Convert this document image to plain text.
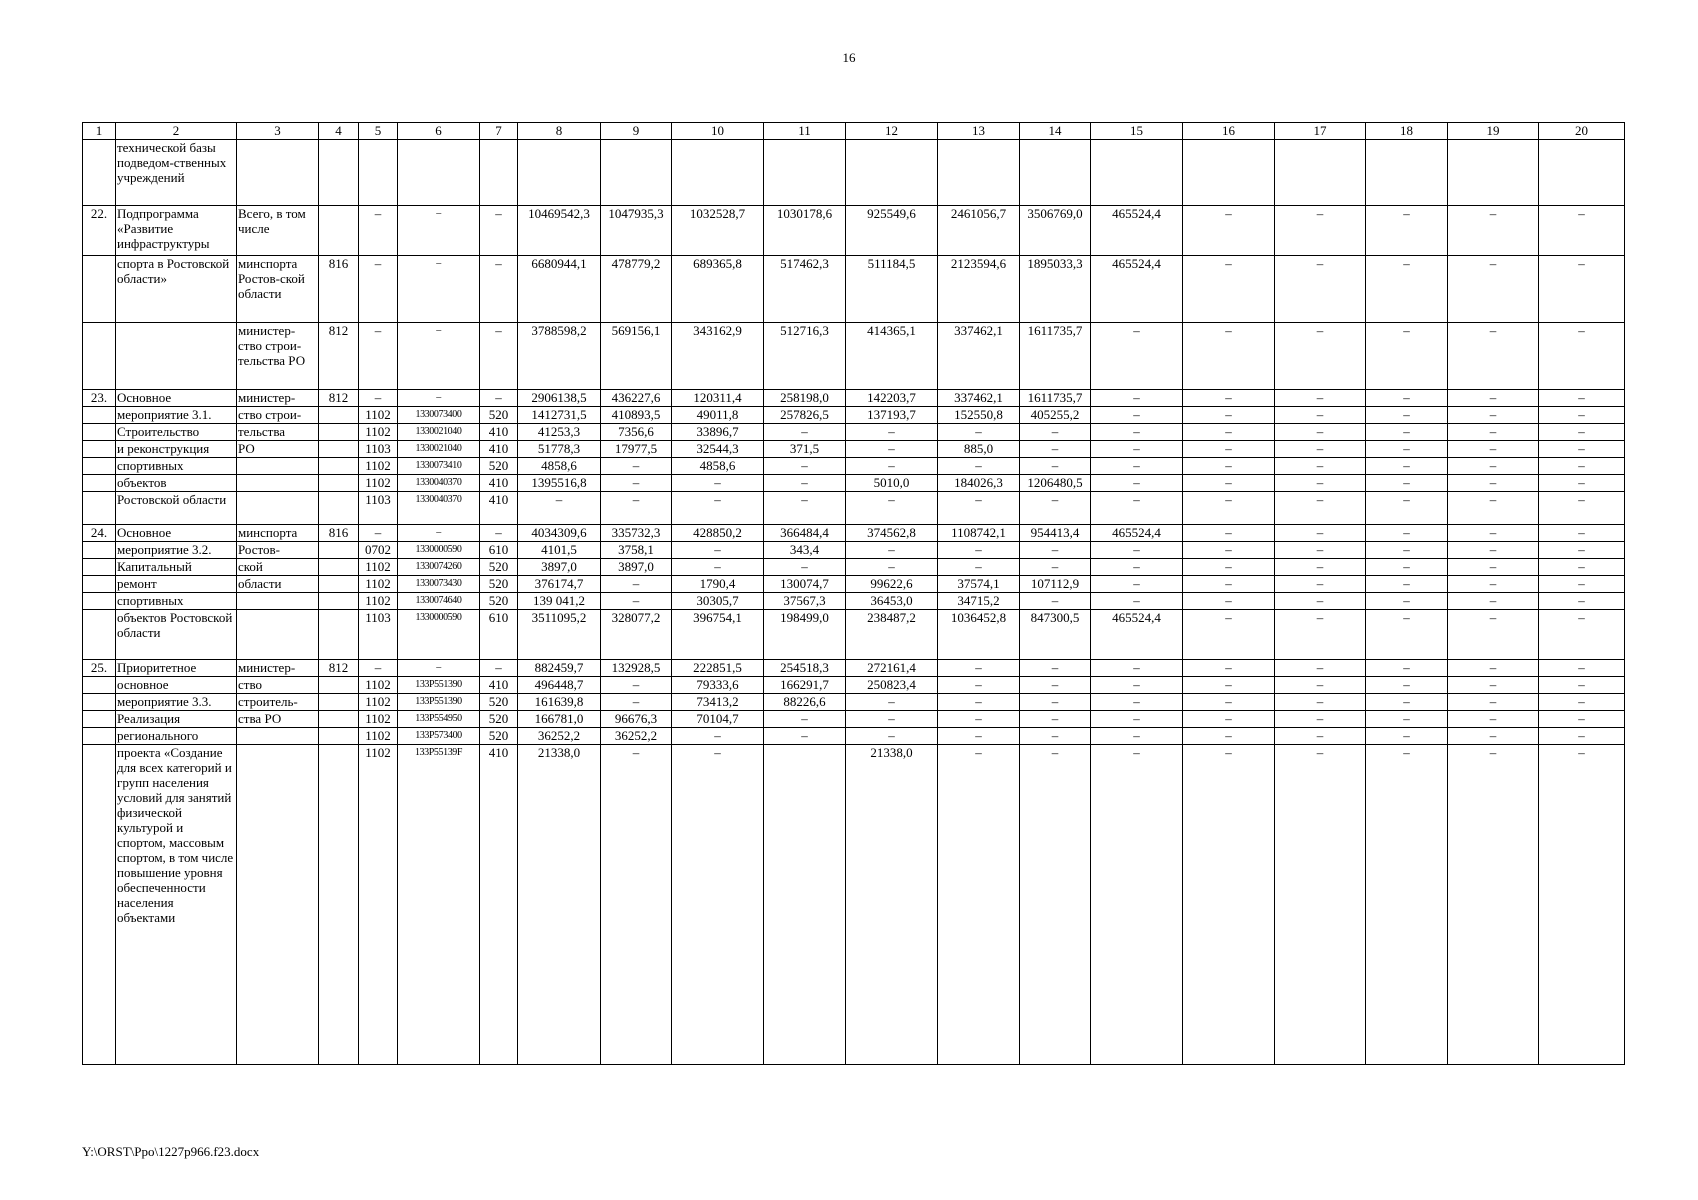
16
1	2	3	4	5	6	7	8	9	10	11	12	13	14	15	16	17	18	19	20
	технической базы подведом-ственных учреждений																		
22.	Подпрограмма «Развитие инфраструктуры	Всего, в том числе		–	–	–	10469542,3	1047935,3	1032528,7	1030178,6	925549,6	2461056,7	3506769,0	465524,4	–	–	–	–	–
	спорта в Ростовской области»	минспорта Ростов-ской области	816	–	–	–	6680944,1	478779,2	689365,8	517462,3	511184,5	2123594,6	1895033,3	465524,4	–	–	–	–	–
		министер-ство строи-тельства РО	812	–	–	–	3788598,2	569156,1	343162,9	512716,3	414365,1	337462,1	1611735,7	–	–	–	–	–	–
23.	Основное	министер-	812	–	–	–	2906138,5	436227,6	120311,4	258198,0	142203,7	337462,1	1611735,7	–	–	–	–	–	–
	мероприятие 3.1.	ство строи-		1102	1330073400	520	1412731,5	410893,5	49011,8	257826,5	137193,7	152550,8	405255,2	–	–	–	–	–	–
	Строительство	тельства		1102	1330021040	410	41253,3	7356,6	33896,7	–	–	–	–	–	–	–	–	–	–
	и реконструкция	РО		1103	1330021040	410	51778,3	17977,5	32544,3	371,5	–	885,0	–	–	–	–	–	–	–
	спортивных			1102	1330073410	520	4858,6	–	4858,6	–	–	–	–	–	–	–	–	–	–
	объектов			1102	1330040370	410	1395516,8	–	–	–	5010,0	184026,3	1206480,5	–	–	–	–	–	–
	Ростовской области			1103	1330040370	410	–	–	–	–	–	–	–	–	–	–	–	–	–
24.	Основное	минспорта	816	–	–	–	4034309,6	335732,3	428850,2	366484,4	374562,8	1108742,1	954413,4	465524,4	–	–	–	–	–
	мероприятие 3.2.	Ростов-		0702	1330000590	610	4101,5	3758,1	–	343,4	–	–	–	–	–	–	–	–	–
	Капитальный	ской		1102	1330074260	520	3897,0	3897,0	–	–	–	–	–	–	–	–	–	–	–
	ремонт	области		1102	1330073430	520	376174,7	–	1790,4	130074,7	99622,6	37574,1	107112,9	–	–	–	–	–	–
	спортивных			1102	1330074640	520	139 041,2	–	30305,7	37567,3	36453,0	34715,2	–	–	–	–	–	–	–
	объектов Ростовской области			1103	1330000590	610	3511095,2	328077,2	396754,1	198499,0	238487,2	1036452,8	847300,5	465524,4	–	–	–	–	–
25.	Приоритетное	министер-	812	–	–	–	882459,7	132928,5	222851,5	254518,3	272161,4	–	–	–	–	–	–	–	–
	основное	ство		1102	133P551390	410	496448,7	–	79333,6	166291,7	250823,4	–	–	–	–	–	–	–	–
	мероприятие 3.3.	строитель-		1102	133P551390	520	161639,8	–	73413,2	88226,6	–	–	–	–	–	–	–	–	–
	Реализация	ства РО		1102	133P554950	520	166781,0	96676,3	70104,7	–	–	–	–	–	–	–	–	–	–
	регионального			1102	133P573400	520	36252,2	36252,2	–	–	–	–	–	–	–	–	–	–	–
	проекта «Создание для всех категорий и групп населения условий для занятий физической культурой и спортом, массовым спортом, в том числе повышение уровня обеспеченности населения объектами			1102	133P55139F	410	21338,0	–	–		21338,0	–	–	–	–	–	–	–	–
Y:\ORST\Ppo\1227p966.f23.docx
